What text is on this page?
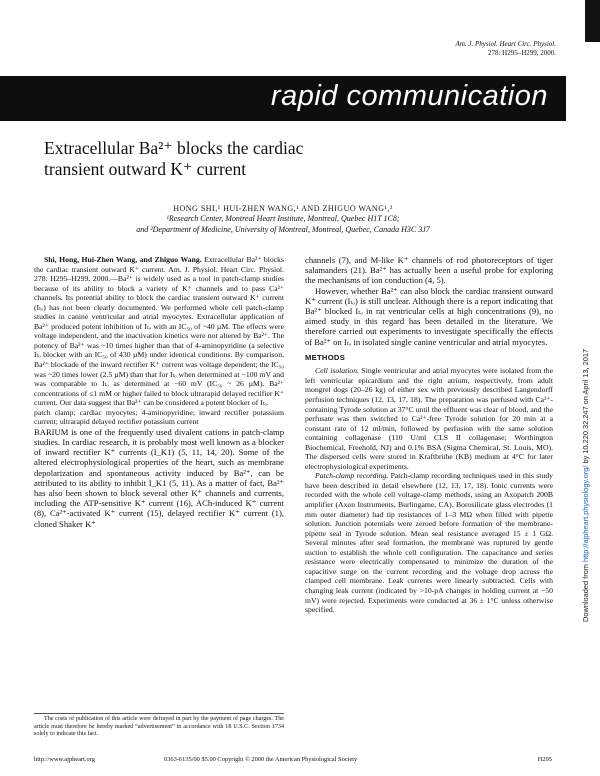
Am. J. Physiol. Heart Circ. Physiol.
278: H295–H299, 2000.
rapid communication
Downloaded from http://ajpheart.physiology.org/ by 10.220.32.247 on April 13, 2017
Extracellular Ba²⁺ blocks the cardiac
transient outward K⁺ current
HONG SHI,¹ HUI-ZHEN WANG,¹ AND ZHIGUO WANG¹,²
¹Research Center, Montreal Heart Institute, Montreal, Quebec H1T 1C8;
and ²Department of Medicine, University of Montreal, Montreal, Quebec, Canada H3C 3J7

Shi, Hong, Hui-Zhen Wang, and Zhiguo Wang. Extracellular Ba²⁺ blocks the cardiac transient outward K⁺ current. Am. J. Physiol. Heart Circ. Physiol. 278: H295–H299, 2000.—Ba²⁺ is widely used as a tool in patch-clamp studies because of its ability to block a variety of K⁺ channels and to pass Ca²⁺ channels. Its potential ability to block the cardiac transient outward K⁺ current (Iₜₒ) has not been clearly documented. We performed whole cell patch-clamp studies in canine ventricular and atrial myocytes. Extracellular application of Ba²⁺ produced potent inhibition of Iₜₒ with an IC₅₀ of ~40 µM. The effects were voltage independent, and the inactivation kinetics were not altered by Ba²⁺. The potency of Ba²⁺ was ~10 times higher than that of 4-aminopyridine (a selective Iₜₒ blocker with an IC₅₀ of 430 µM) under identical conditions. By comparison, Ba²⁺ blockade of the inward rectifier K⁺ current was voltage dependent; the IC₅₀ was ~20 times lower (2.5 µM) than that for Iₜₒ when determined at −100 mV and was comparable to Iₜₒ as determined at −60 mV (IC₅₀ ~ 26 µM). Ba²⁺ concentrations of ≤1 mM or higher failed to block ultrarapid delayed rectifier K⁺ current. Our data suggest that Ba²⁺ can be considered a potent blocker of Iₜₒ.

patch clamp; cardiac myocytes; 4-aminopyridine; inward rectifier potassium current; ultrarapid delayed rectifier potassium current

BARIUM is one of the frequently used divalent cations in patch-clamp studies. In cardiac research, it is probably most well known as a blocker of inward rectifier K⁺ currents (I_K1) (5, 11, 14, 20). Some of the altered electrophysiological properties of the heart, such as membrane depolarization and spontaneous activity induced by Ba²⁺, can be attributed to its ability to inhibit I_K1 (5, 11). As a matter of fact, Ba²⁺ has also been shown to block several other K⁺ channels and currents, including the ATP-sensitive K⁺ current (16), ACh-induced K⁺ current (8), Ca²⁺-activated K⁺ current (15), delayed rectifier K⁺ current (1), cloned Shaker K⁺

channels (7), and M-like K⁺ channels of rod photoreceptors of tiger salamanders (21). Ba²⁺ has actually been a useful probe for exploring the mechanisms of ion conduction (4, 5).

However, whether Ba²⁺ can also block the cardiac transient outward K⁺ current (Iₜₒ) is still unclear. Although there is a report indicating that Ba²⁺ blocked Iₜₒ in rat ventricular cells at high concentrations (9), no aimed study in this regard has been detailed in the literature. We therefore carried out experiments to investigate specifically the effects of Ba²⁺ on Iₜₒ in isolated single canine ventricular and atrial myocytes.

METHODS

Cell isolation. Single ventricular and atrial myocytes were isolated from the left ventricular epicardium and the right atrium, respectively, from adult mongrel dogs (20–26 kg) of either sex with previously described Langendorff perfusion techniques (12, 13, 17, 18). The preparation was perfused with Ca²⁺-containing Tyrode solution at 37°C until the effluent was clear of blood, and the perfusate was then switched to Ca²⁺-free Tyrode solution for 20 min at a constant rate of 12 ml/min, followed by perfusion with the same solution containing collagenase (110 U/ml CLS II collagenase; Worthington Biochemical, Freehold, NJ) and 0.1% BSA (Sigma Chemical, St. Louis, MO). The dispersed cells were stored in Kraftbrühe (KB) medium at 4°C for later electrophysiological experiments.

Patch-clamp recording. Patch-clamp recording techniques used in this study have been described in detail elsewhere (12, 13, 17, 18). Ionic currents were recorded with the whole cell voltage-clamp methods, using an Axopatch 200B amplifier (Axon Instruments, Burlingame, CA). Borosilicate glass electrodes (1 mm outer diameter) had tip resistances of 1–3 MΩ when filled with pipette solution. Junction potentials were zeroed before formation of the membrane-pipette seal in Tyrode solution. Mean seal resistance averaged 15 ± 1 GΩ. Several minutes after seal formation, the membrane was ruptured by gentle suction to establish the whole cell configuration. The capacitance and series resistance were electrically compensated to minimize the duration of the capacitive surge on the current recording and the voltage drop across the clamped cell membrane. Leak currents were linearly subtracted. Cells with changing leak current (indicated by >10-pA changes in holding current at −50 mV) were rejected. Experiments were conducted at 36 ± 1°C unless otherwise specified.

The costs of publication of this article were defrayed in part by the payment of page charges. The article must therefore be hereby marked “advertisement” in accordance with 18 U.S.C. Section 1734 solely to indicate this fact.
http://www.ajpheart.org	0363-6135/00 $5.00 Copyright © 2000 the American Physiological Society	H295
